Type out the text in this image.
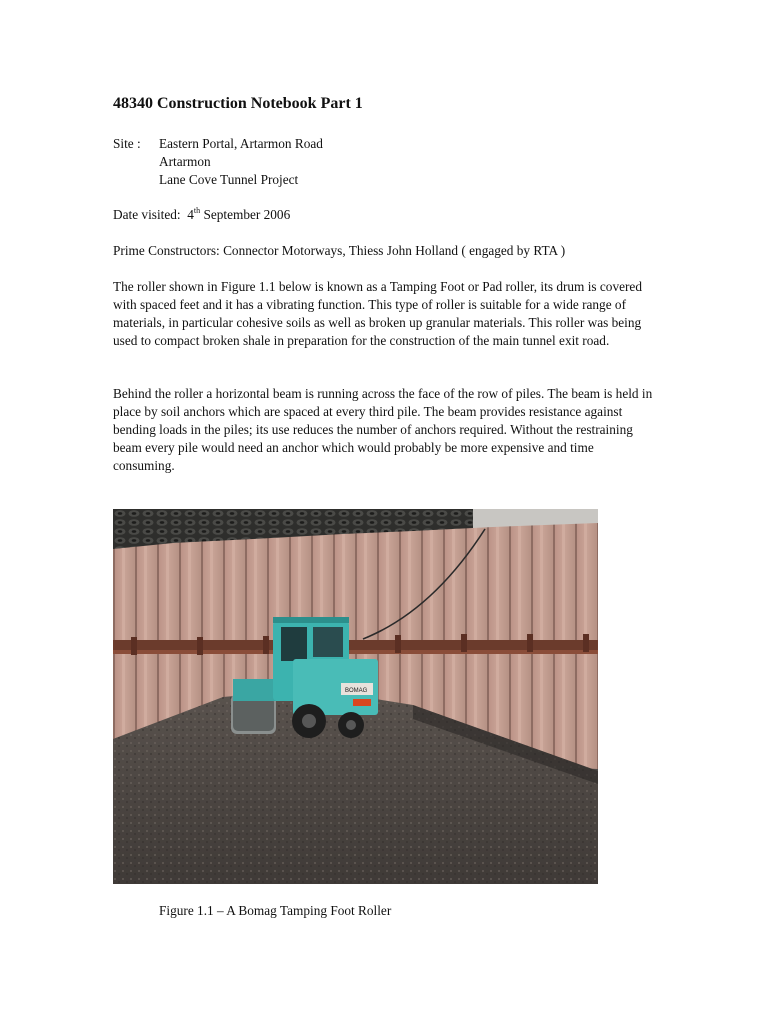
48340 Construction Notebook Part 1
Site : Eastern Portal, Artarmon Road
Artarmon
Lane Cove Tunnel Project
Date visited: 4th September 2006
Prime Constructors: Connector Motorways, Thiess John Holland ( engaged by RTA )

The roller shown in Figure 1.1 below is known as a Tamping Foot or Pad roller, its drum is covered with spaced feet and it has a vibrating function. This type of roller is suitable for a wide range of materials, in particular cohesive soils as well as broken up granular materials. This roller was being used to compact broken shale in preparation for the construction of the main tunnel exit road.

Behind the roller a horizontal beam is running across the face of the row of piles. The beam is held in place by soil anchors which are spaced at every third pile. The beam provides resistance against bending loads in the piles; its use reduces the number of anchors required. Without the restraining beam every pile would need an anchor which would probably be more expensive and time consuming.

BOMAG
Figure 1.1 – A Bomag Tamping Foot Roller
